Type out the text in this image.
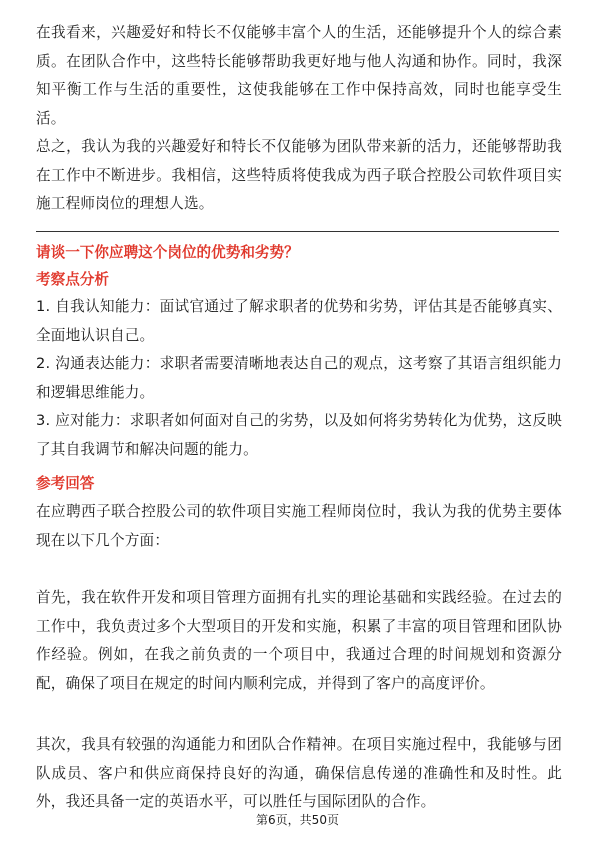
在我看来，兴趣爱好和特长不仅能够丰富个人的生活，还能够提升个人的综合素质。在团队合作中，这些特长能够帮助我更好地与他人沟通和协作。同时，我深知平衡工作与生活的重要性，这使我能够在工作中保持高效，同时也能享受生活。

总之，我认为我的兴趣爱好和特长不仅能够为团队带来新的活力，还能够帮助我在工作中不断进步。我相信，这些特质将使我成为西子联合控股公司软件项目实施工程师岗位的理想人选。

请谈一下你应聘这个岗位的优势和劣势？

考察点分析

1. 自我认知能力：面试官通过了解求职者的优势和劣势，评估其是否能够真实、全面地认识自己。

2. 沟通表达能力：求职者需要清晰地表达自己的观点，这考察了其语言组织能力和逻辑思维能力。

3. 应对能力：求职者如何面对自己的劣势，以及如何将劣势转化为优势，这反映了其自我调节和解决问题的能力。

参考回答

在应聘西子联合控股公司的软件项目实施工程师岗位时，我认为我的优势主要体现在以下几个方面：

首先，我在软件开发和项目管理方面拥有扎实的理论基础和实践经验。在过去的工作中，我负责过多个大型项目的开发和实施，积累了丰富的项目管理和团队协作经验。例如，在我之前负责的一个项目中，我通过合理的时间规划和资源分配，确保了项目在规定的时间内顺利完成，并得到了客户的高度评价。

其次，我具有较强的沟通能力和团队合作精神。在项目实施过程中，我能够与团队成员、客户和供应商保持良好的沟通，确保信息传递的准确性和及时性。此外，我还具备一定的英语水平，可以胜任与国际团队的合作。

第6页，共50页
